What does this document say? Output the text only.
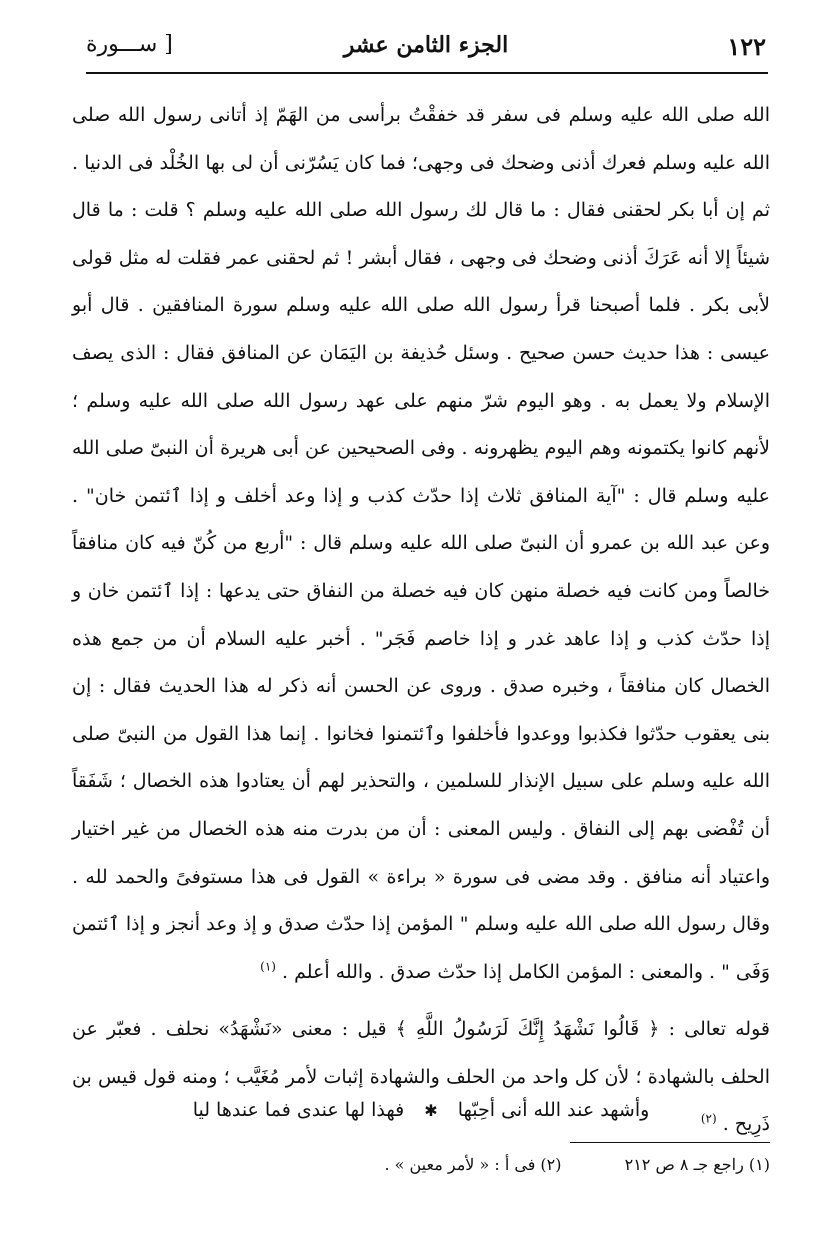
١٢٢
الجزء الثامن عشر
[ ســـورة

الله صلى الله عليه وسلم فى سفر قد خفقْتُ برأسى من الهَمّ إذ أتانى رسول الله صلى الله عليه وسلم فعرك أذنى وضحك فى وجهى؛ فما كان يَسُرّنى أن لى بها الخُلْد فى الدنيا . ثم إن أبا بكر لحقنى فقال : ما قال لك رسول الله صلى الله عليه وسلم ؟ قلت : ما قال شيئاً إلا أنه عَرَكَ أذنى وضحك فى وجهى ، فقال أبشر ! ثم لحقنى عمر فقلت له مثل قولى لأبى بكر . فلما أصبحنا قرأ رسول الله صلى الله عليه وسلم سورة المنافقين . قال أبو عيسى : هذا حديث حسن صحيح . وسئل حُذيفة بن اليَمَان عن المنافق فقال : الذى يصف الإسلام ولا يعمل به . وهو اليوم شرّ منهم على عهد رسول الله صلى الله عليه وسلم ؛ لأنهم كانوا يكتمونه وهم اليوم يظهرونه . وفى الصحيحين عن أبى هريرة أن النبىّ صلى الله عليه وسلم قال : "آية المنافق ثلاث إذا حدّث كذب و إذا وعد أخلف و إذا ٱئتمن خان" . وعن عبد الله بن عمرو أن النبىّ صلى الله عليه وسلم قال : "أربع من كُنّ فيه كان منافقاً خالصاً ومن كانت فيه خصلة منهن كان فيه خصلة من النفاق حتى يدعها : إذا ٱئتمن خان و إذا حدّث كذب و إذا عاهد غدر و إذا خاصم فَجَر" . أخبر عليه السلام أن من جمع هذه الخصال كان منافقاً ، وخبره صدق . وروى عن الحسن أنه ذكر له هذا الحديث فقال : إن بنى يعقوب حدّثوا فكذبوا ووعدوا فأخلفوا وٱئتمنوا فخانوا . إنما هذا القول من النبىّ صلى الله عليه وسلم على سبيل الإنذار للسلمين ، والتحذير لهم أن يعتادوا هذه الخصال ؛ شَفَقاً أن تُفْضى بهم إلى النفاق . وليس المعنى : أن من بدرت منه هذه الخصال من غير اختيار واعتياد أنه منافق . وقد مضى فى سورة « براءة » القول فى هذا مستوفىً والحمد لله . وقال رسول الله صلى الله عليه وسلم " المؤمن إذا حدّث صدق و إذ وعد أنجز و إذا ٱئتمن وَفَى " . والمعنى : المؤمن الكامل إذا حدّث صدق . والله أعلم . $^{(١)}$

قوله تعالى : ﴿ قَالُوا نَشْهَدُ إِنَّكَ لَرَسُولُ اللَّهِ ﴾ قيل : معنى «نَشْهَدُ» نحلف . فعبّر عن الحلف بالشهادة ؛ لأن كل واحد من الحلف والشهادة إثبات لأمر مُغَيَّب ؛ ومنه قول قيس بن ذَرِيح . $^{(٢)}$

وأشهد عند الله أنى أحِبّها ✱ فهذا لها عندى فما عندها ليا
(١) راجع جـ ٨ ص ٢١٢ (٢) فى أ : « لأمر معين » .
